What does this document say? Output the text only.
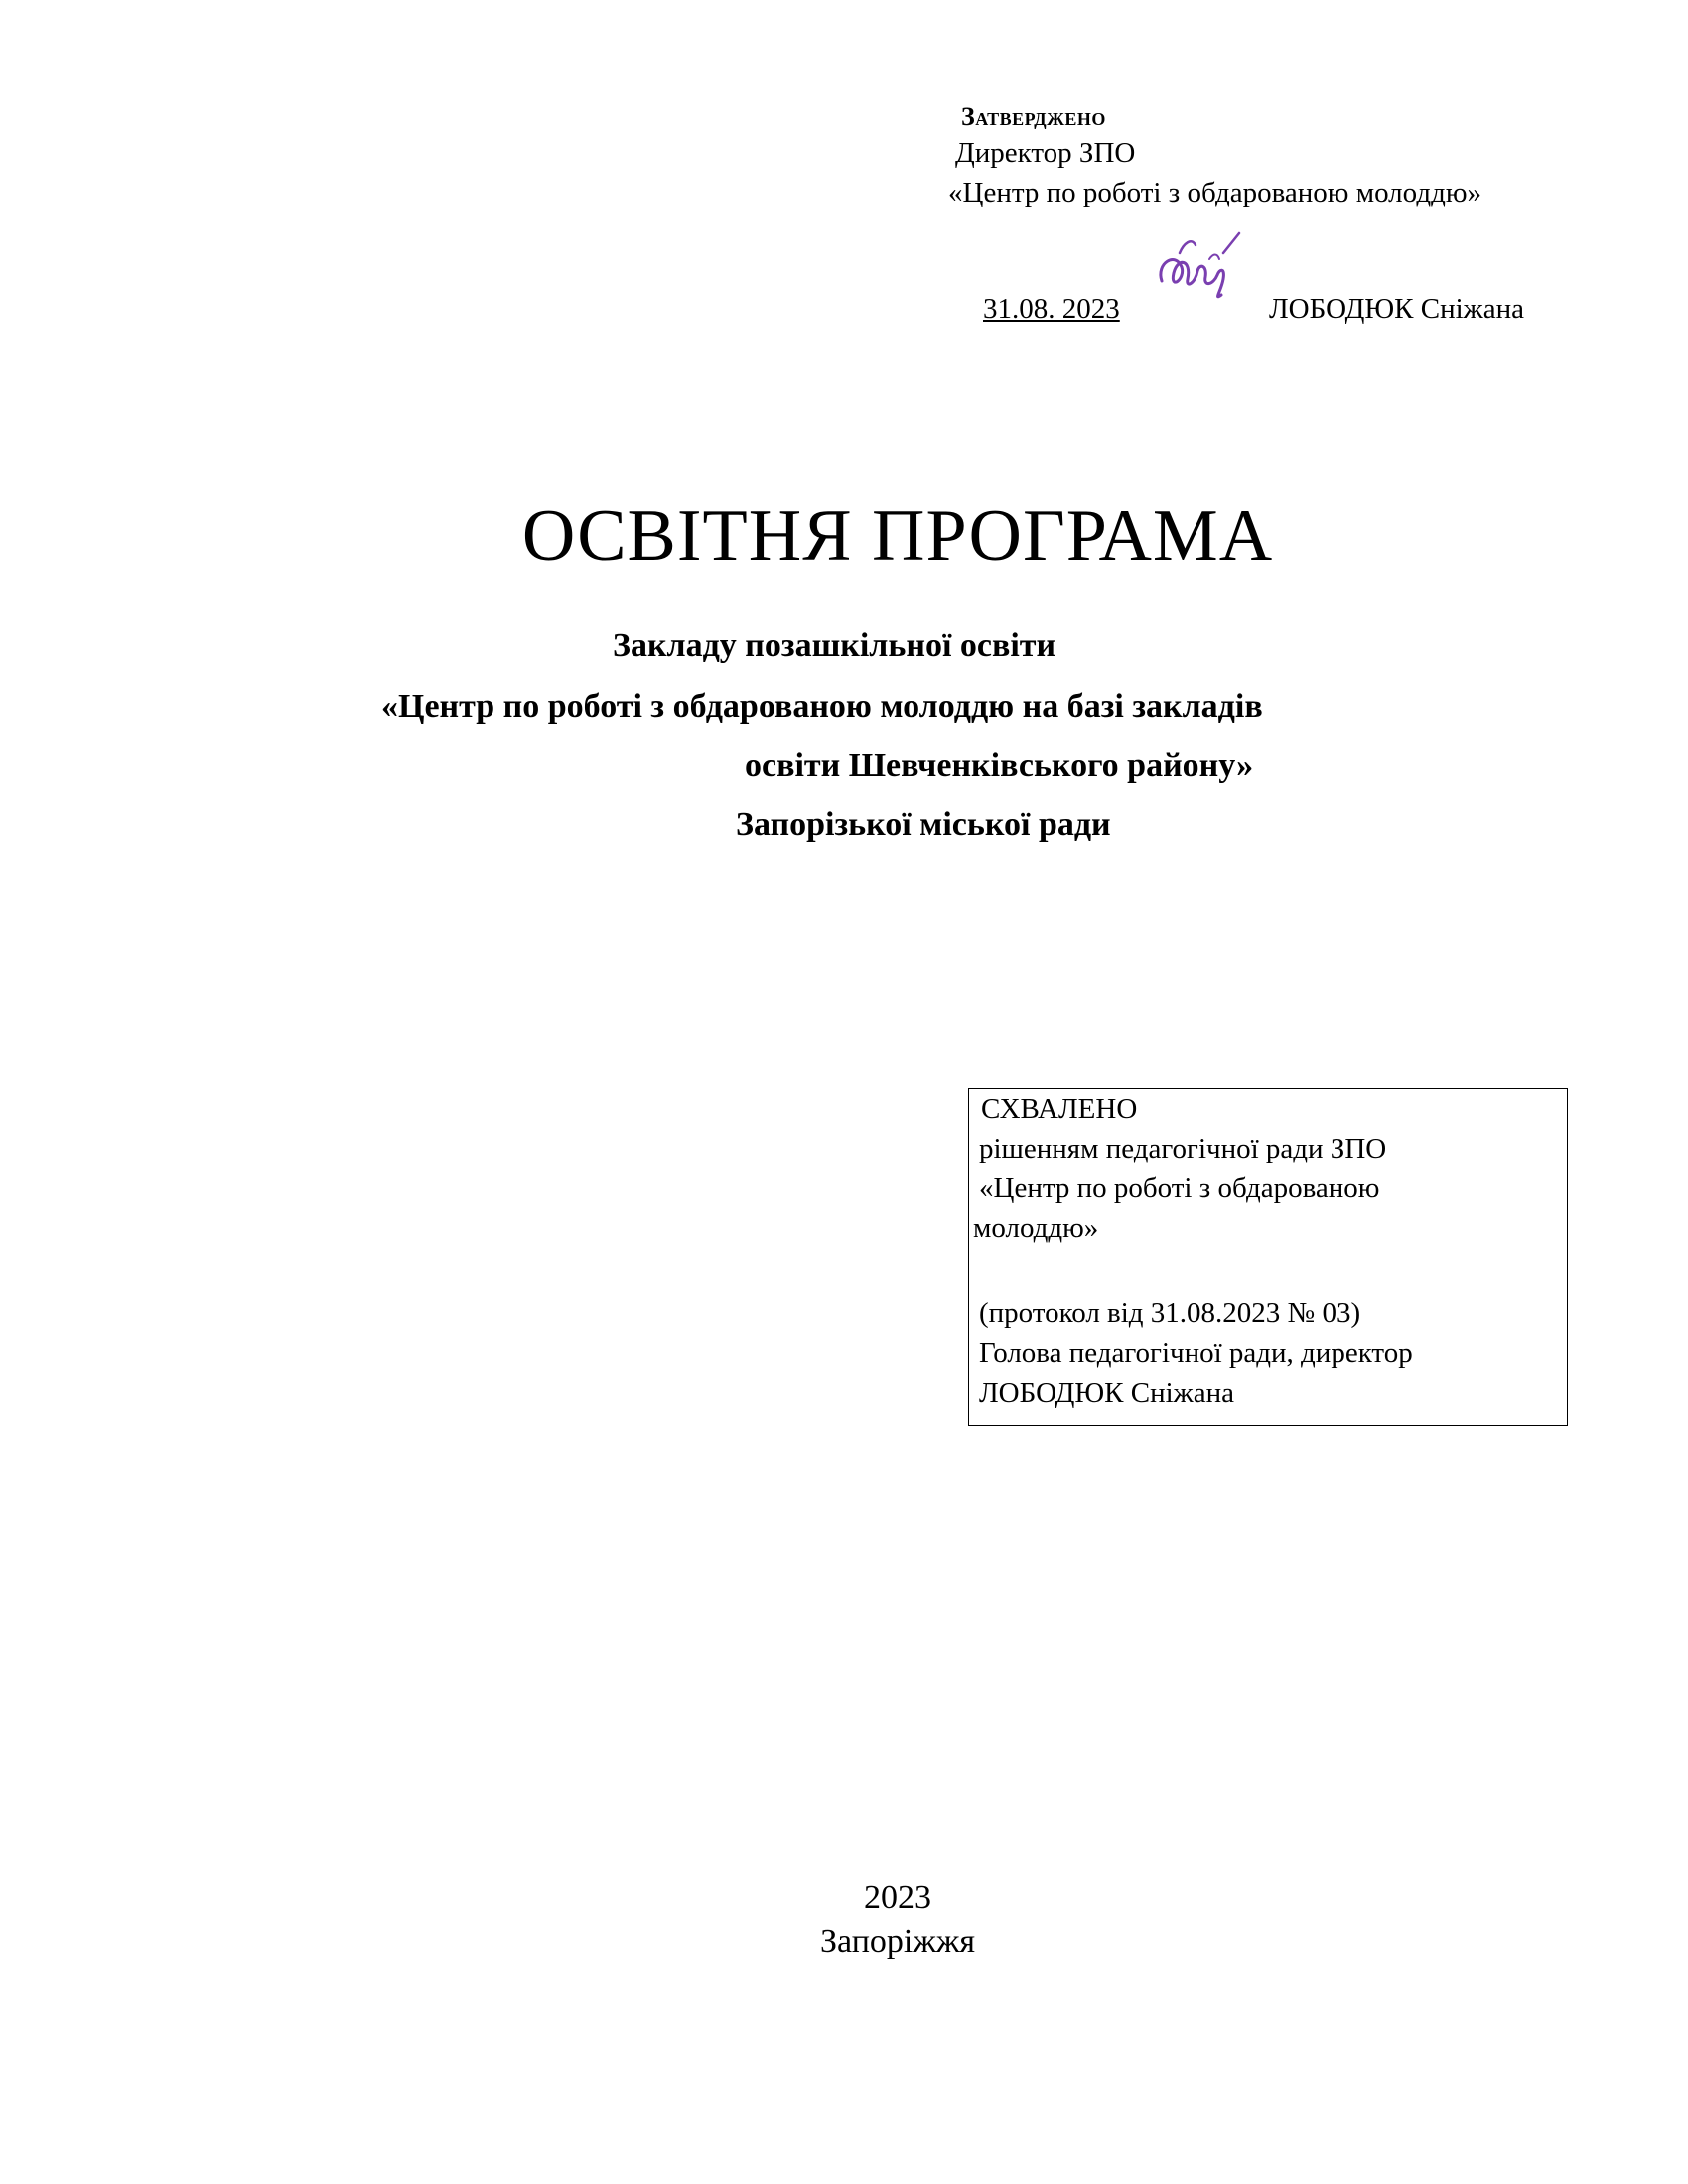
Затверджено
Директор ЗПО
«Центр по роботі з обдарованою молоддю»
31.08. 2023	ЛОБОДЮК Сніжана
ОСВІТНЯ ПРОГРАМА
Закладу позашкільної освіти
«Центр по роботі з обдарованою молоддю на базі закладів
освіти Шевченківського району»
Запорізької міської ради
СХВАЛЕНО
рішенням педагогічної ради ЗПО
«Центр по роботі з обдарованою
молоддю»
(протокол від 31.08.2023 № 03)
Голова педагогічної ради, директор
ЛОБОДЮК Сніжана
2023
Запоріжжя
